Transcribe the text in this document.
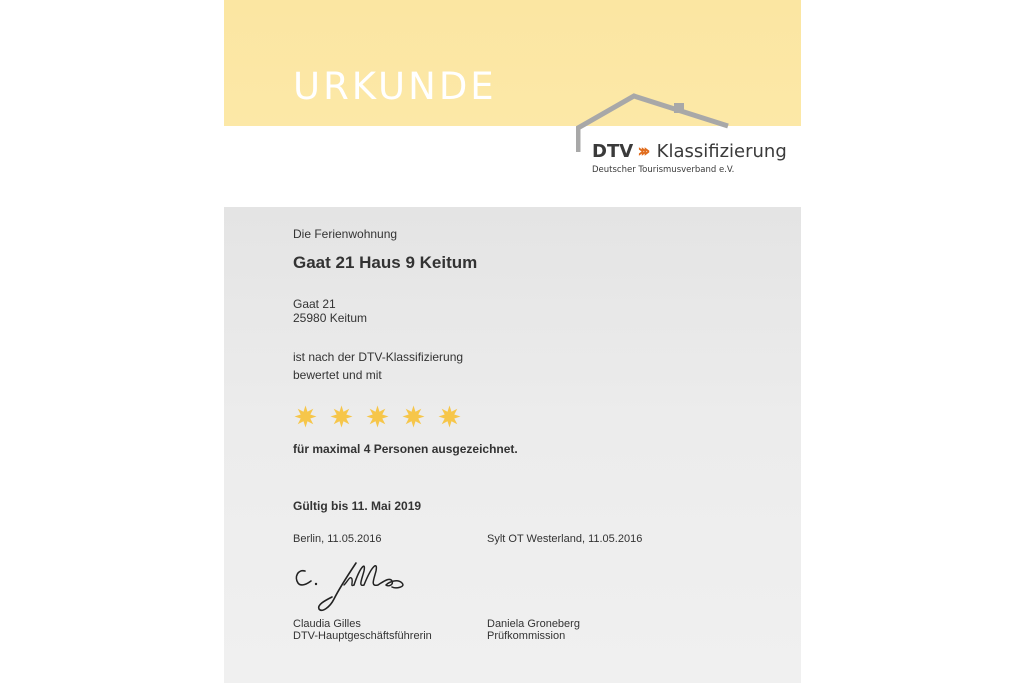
URKUNDE
DTV ››› Klassifizierung
Deutscher Tourismusverband e.V.
Die Ferienwohnung
Gaat 21 Haus 9 Keitum
Gaat 21
25980 Keitum
ist nach der DTV-Klassifizierung
bewertet und mit
für maximal 4 Personen ausgezeichnet.
Gültig bis 11. Mai 2019
Berlin, 11.05.2016	Sylt OT Westerland, 11.05.2016
Claudia Gilles
DTV-Hauptgeschäftsführerin
Daniela Groneberg
Prüfkommission
